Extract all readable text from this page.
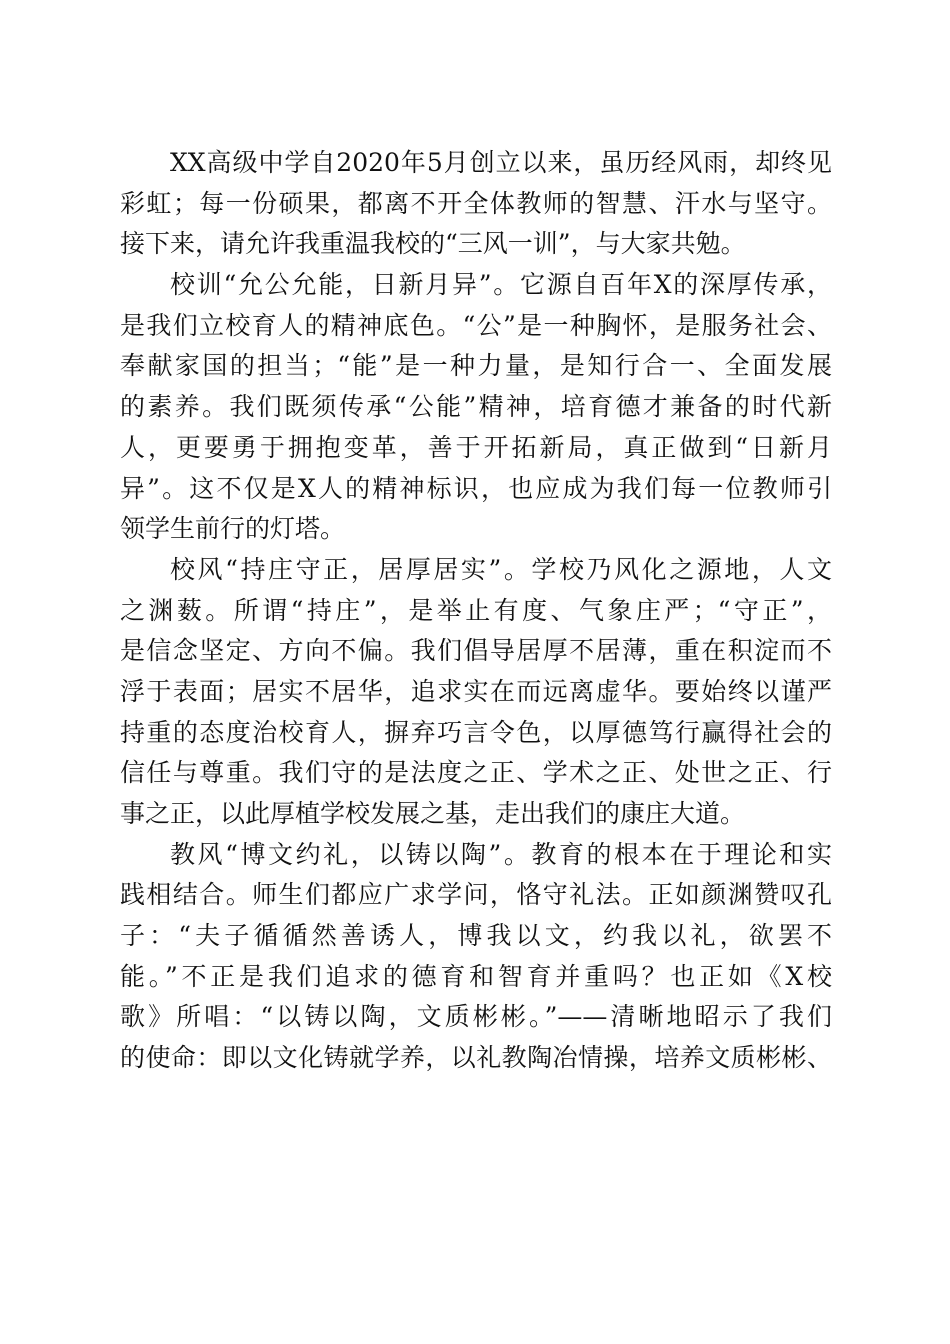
XX高级中学自2020年5月创立以来，虽历经风雨，却终见
彩虹；每一份硕果，都离不开全体教师的智慧、汗水与坚守。
接下来，请允许我重温我校的“三风一训”，与大家共勉。
校训“允公允能，日新月异”。它源自百年X的深厚传承，
是我们立校育人的精神底色。“公”是一种胸怀，是服务社会、
奉献家国的担当；“能”是一种力量，是知行合一、全面发展
的素养。我们既须传承“公能”精神，培育德才兼备的时代新
人，更要勇于拥抱变革，善于开拓新局，真正做到“日新月
异”。这不仅是X人的精神标识，也应成为我们每一位教师引
领学生前行的灯塔。
校风“持庄守正，居厚居实”。学校乃风化之源地，人文
之渊薮。所谓“持庄”，是举止有度、气象庄严；“守正”，
是信念坚定、方向不偏。我们倡导居厚不居薄，重在积淀而不
浮于表面；居实不居华，追求实在而远离虚华。要始终以谨严
持重的态度治校育人，摒弃巧言令色，以厚德笃行赢得社会的
信任与尊重。我们守的是法度之正、学术之正、处世之正、行
事之正，以此厚植学校发展之基，走出我们的康庄大道。
教风“博文约礼，以铸以陶”。教育的根本在于理论和实
践相结合。师生们都应广求学问，恪守礼法。正如颜渊赞叹孔
子：“夫子循循然善诱人，博我以文，约我以礼，欲罢不
能。”不正是我们追求的德育和智育并重吗？也正如《X校
歌》所唱：“以铸以陶，文质彬彬。”——清晰地昭示了我们
的使命：即以文化铸就学养，以礼教陶冶情操，培养文质彬彬、
